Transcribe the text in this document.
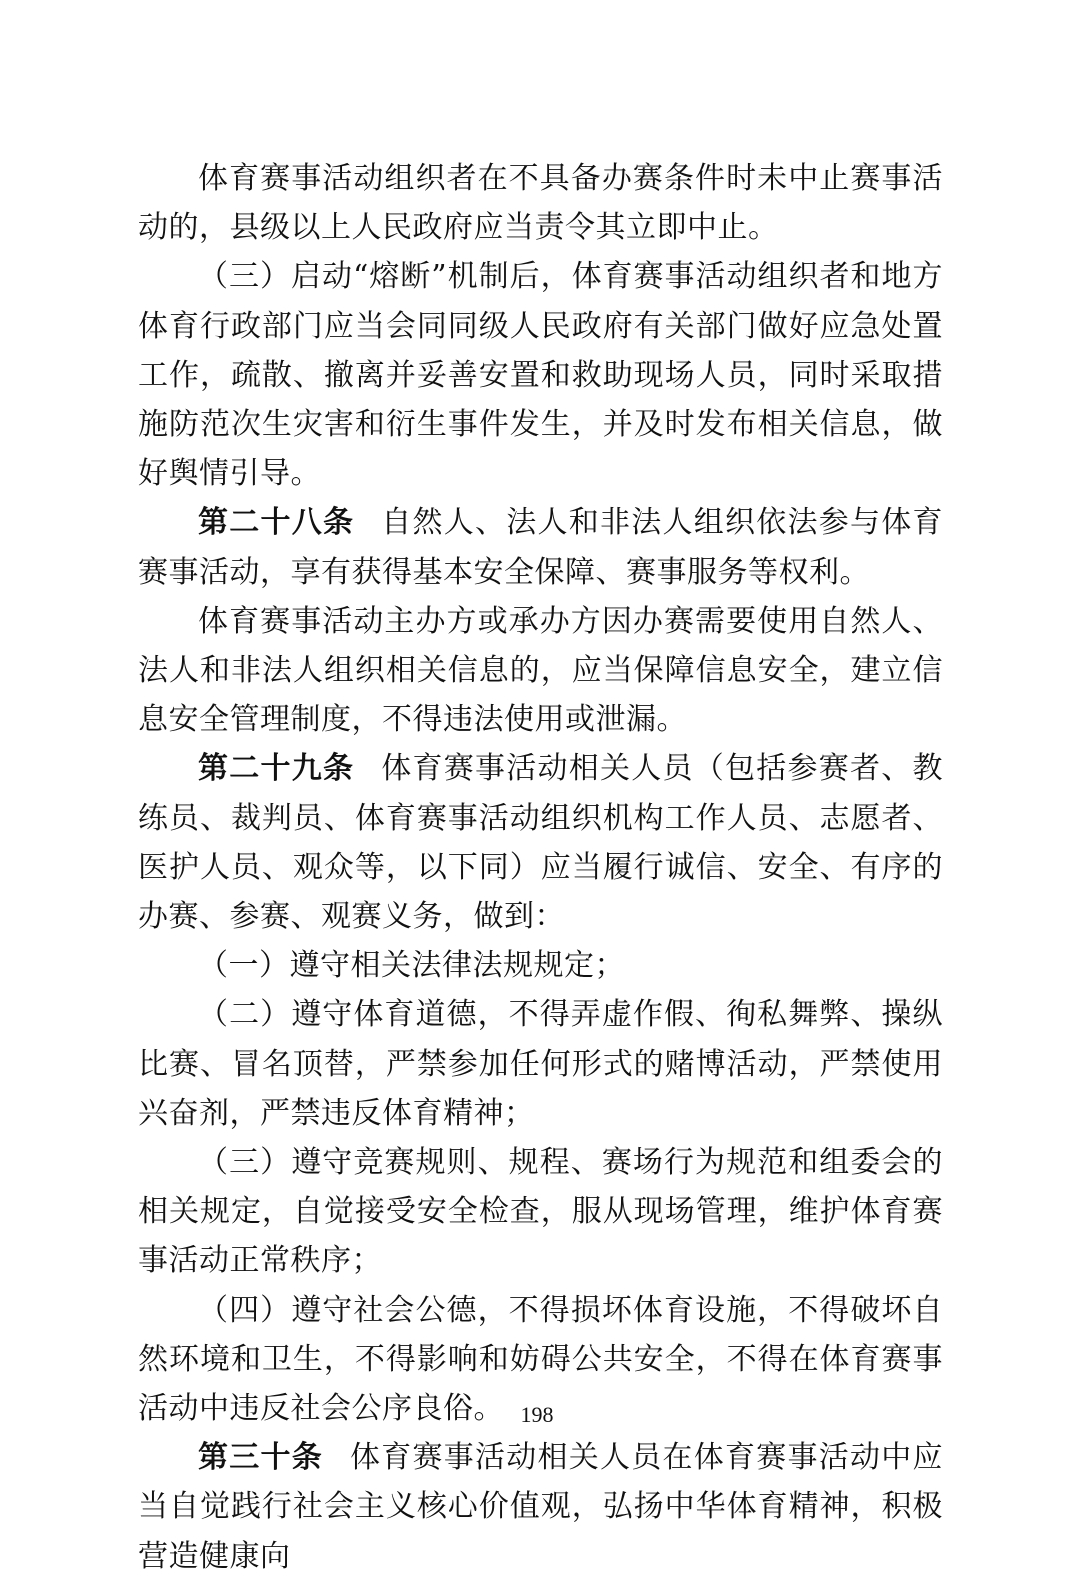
体育赛事活动组织者在不具备办赛条件时未中止赛事活动的，县级以上人民政府应当责令其立即中止。

（三）启动“熔断”机制后，体育赛事活动组织者和地方体育行政部门应当会同同级人民政府有关部门做好应急处置工作，疏散、撤离并妥善安置和救助现场人员，同时采取措施防范次生灾害和衍生事件发生，并及时发布相关信息，做好舆情引导。

第二十八条 自然人、法人和非法人组织依法参与体育赛事活动，享有获得基本安全保障、赛事服务等权利。

体育赛事活动主办方或承办方因办赛需要使用自然人、法人和非法人组织相关信息的，应当保障信息安全，建立信息安全管理制度，不得违法使用或泄漏。

第二十九条 体育赛事活动相关人员（包括参赛者、教练员、裁判员、体育赛事活动组织机构工作人员、志愿者、医护人员、观众等，以下同）应当履行诚信、安全、有序的办赛、参赛、观赛义务，做到：

（一）遵守相关法律法规规定；

（二）遵守体育道德，不得弄虚作假、徇私舞弊、操纵比赛、冒名顶替，严禁参加任何形式的赌博活动，严禁使用兴奋剂，严禁违反体育精神；

（三）遵守竞赛规则、规程、赛场行为规范和组委会的相关规定，自觉接受安全检查，服从现场管理，维护体育赛事活动正常秩序；

（四）遵守社会公德，不得损坏体育设施，不得破坏自然环境和卫生，不得影响和妨碍公共安全，不得在体育赛事活动中违反社会公序良俗。

第三十条 体育赛事活动相关人员在体育赛事活动中应当自觉践行社会主义核心价值观，弘扬中华体育精神，积极营造健康向

198
